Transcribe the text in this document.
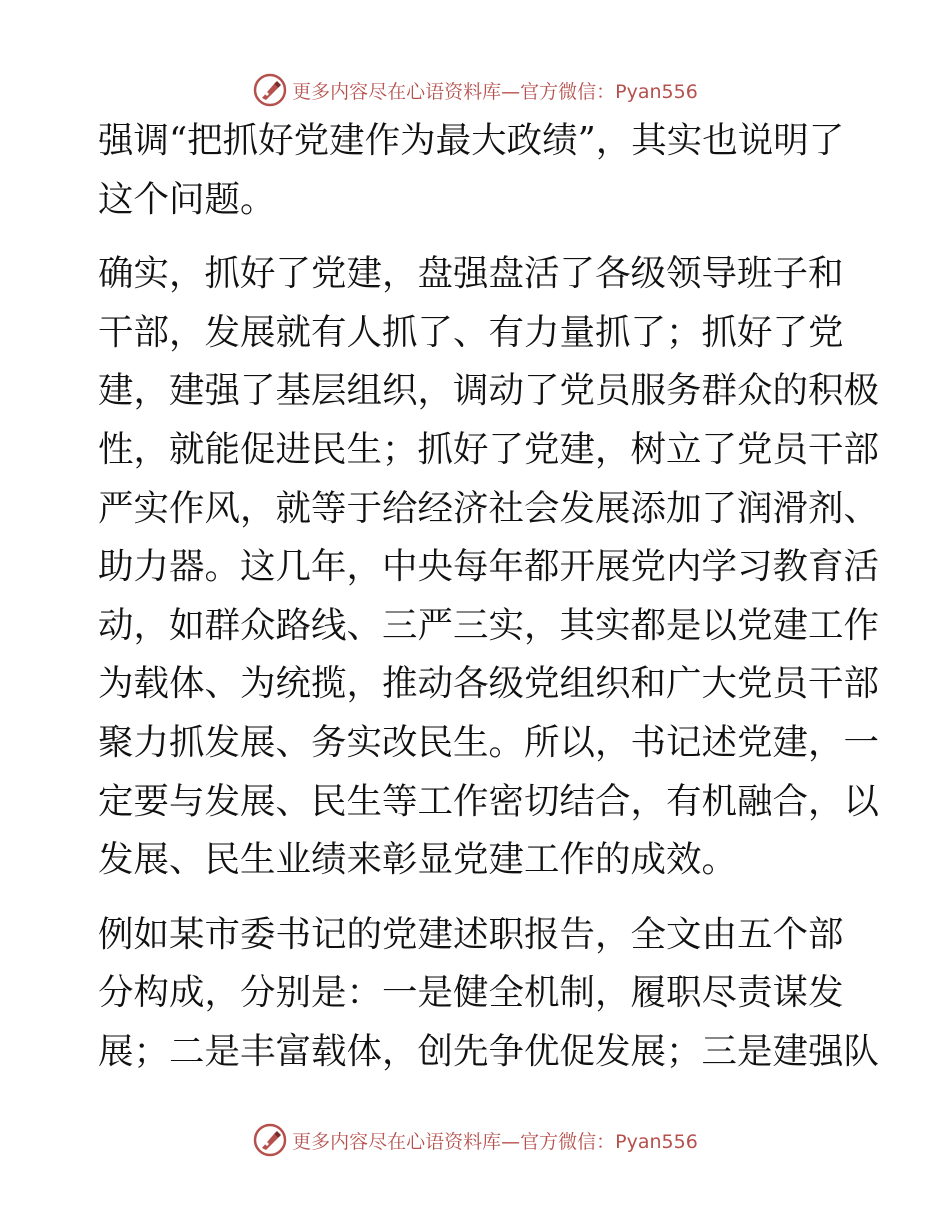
更多内容尽在心语资料库—官方微信：Pyan556
强调“把抓好党建作为最大政绩”，其实也说明了
这个问题。
确实，抓好了党建，盘强盘活了各级领导班子和
干部，发展就有人抓了、有力量抓了；抓好了党
建，建强了基层组织，调动了党员服务群众的积极
性，就能促进民生；抓好了党建，树立了党员干部
严实作风，就等于给经济社会发展添加了润滑剂、
助力器。这几年，中央每年都开展党内学习教育活
动，如群众路线、三严三实，其实都是以党建工作
为载体、为统揽，推动各级党组织和广大党员干部
聚力抓发展、务实改民生。所以，书记述党建，一
定要与发展、民生等工作密切结合，有机融合，以
发展、民生业绩来彰显党建工作的成效。
例如某市委书记的党建述职报告，全文由五个部
分构成，分别是：一是健全机制，履职尽责谋发
展；二是丰富载体，创先争优促发展；三是建强队
更多内容尽在心语资料库—官方微信：Pyan556
